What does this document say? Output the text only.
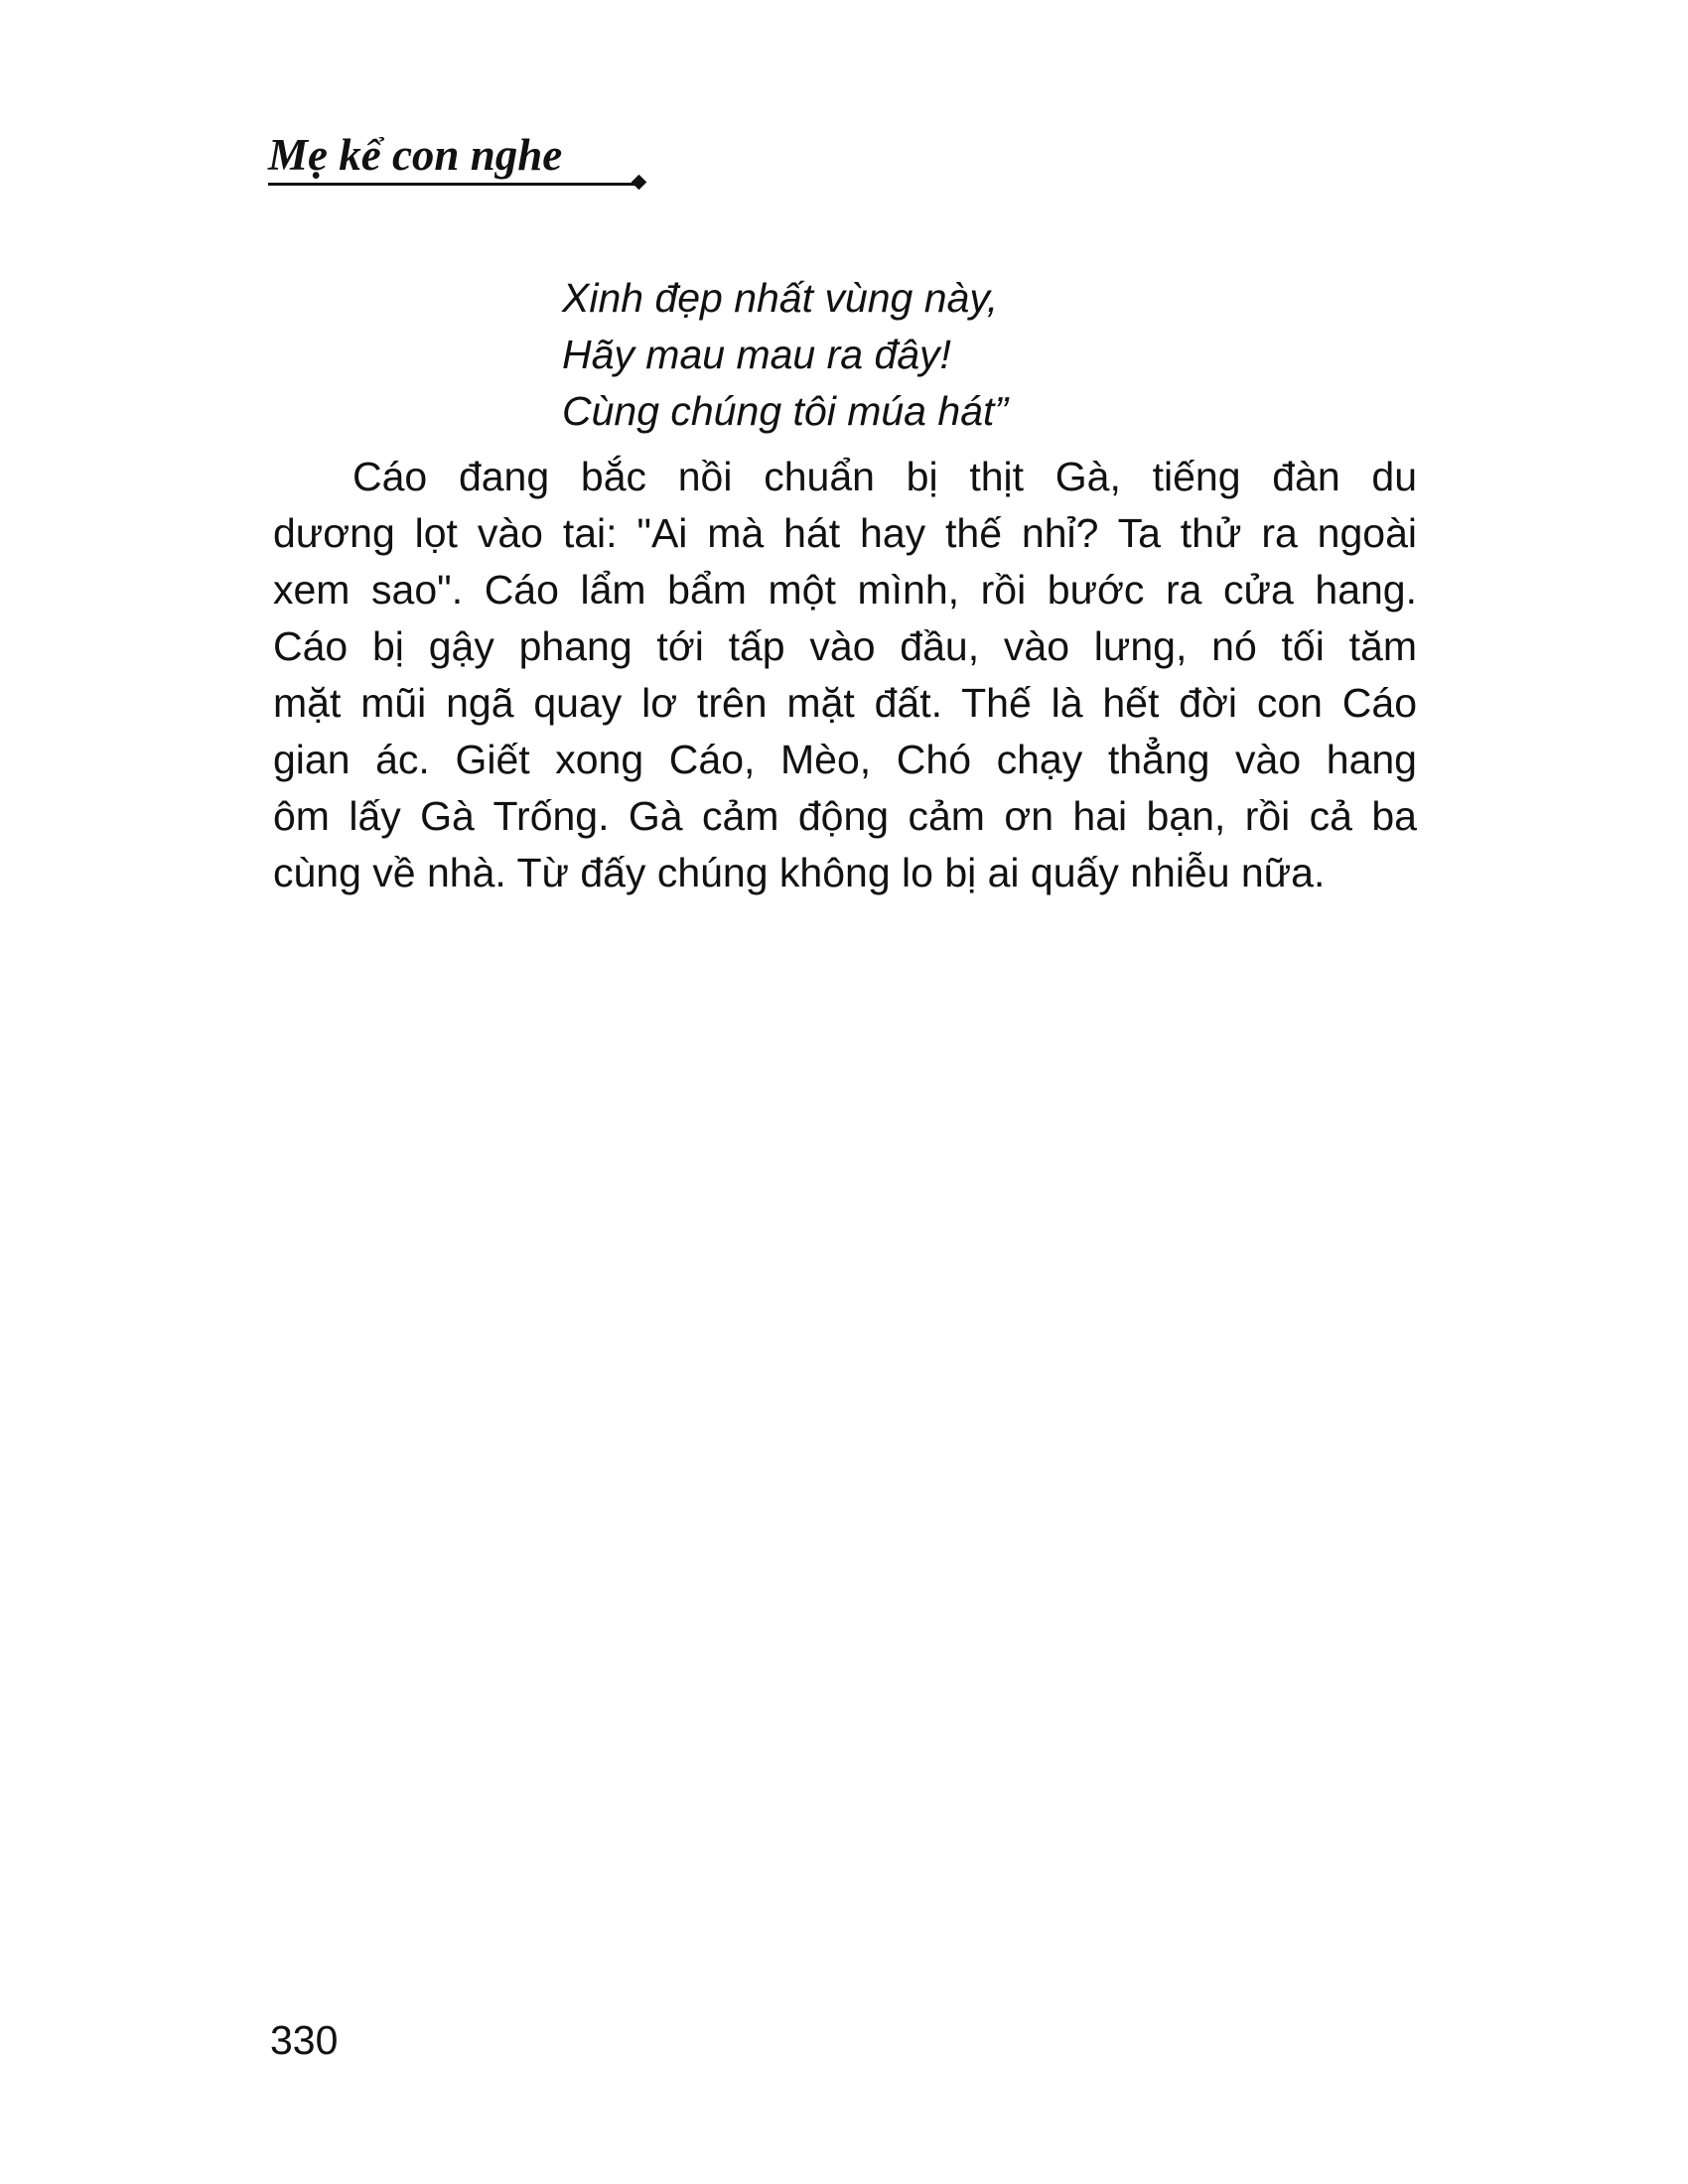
Mẹ kể con nghe
Xinh đẹp nhất vùng này,
Hãy mau mau ra đây!
Cùng chúng tôi múa hát”
Cáo đang bắc nồi chuẩn bị thịt Gà, tiếng đàn du
dương lọt vào tai: "Ai mà hát hay thế nhỉ? Ta thử ra ngoài
xem sao". Cáo lẩm bẩm một mình, rồi bước ra cửa hang.
Cáo bị gậy phang tới tấp vào đầu, vào lưng, nó tối tăm
mặt mũi ngã quay lơ trên mặt đất. Thế là hết đời con Cáo
gian ác. Giết xong Cáo, Mèo, Chó chạy thẳng vào hang
ôm lấy Gà Trống. Gà cảm động cảm ơn hai bạn, rồi cả ba
cùng về nhà. Từ đấy chúng không lo bị ai quấy nhiễu nữa.
330
